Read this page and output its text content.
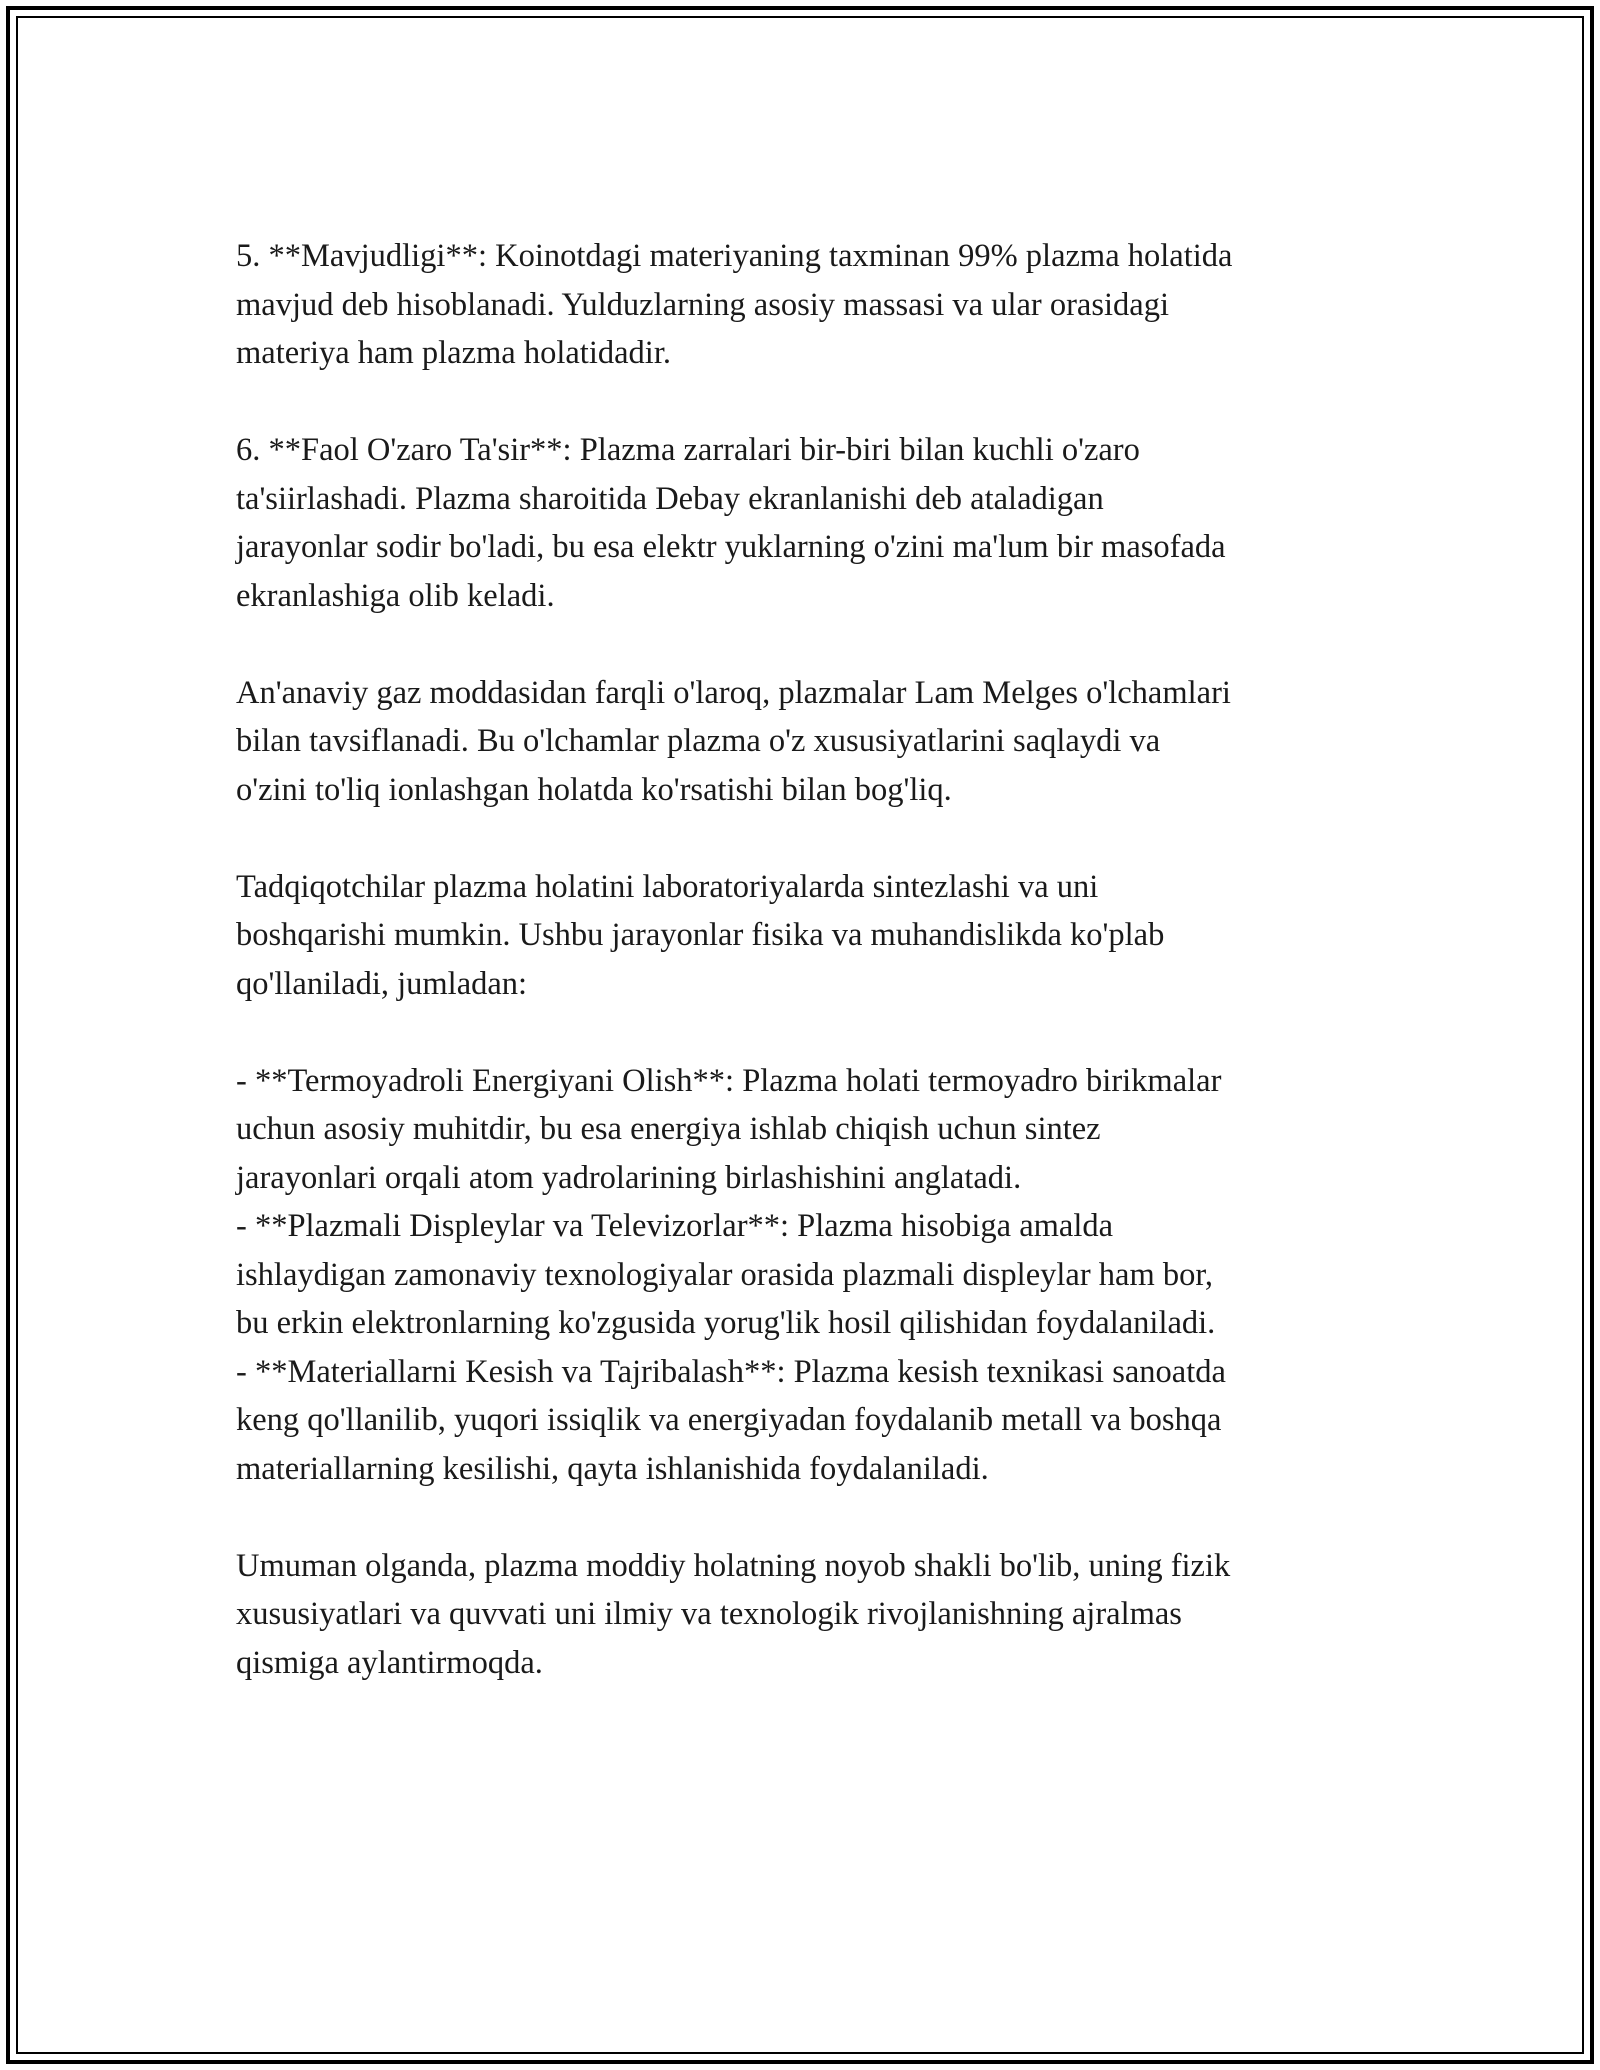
5. **Mavjudligi**: Koinotdagi materiyaning taxminan 99% plazma holatida
mavjud deb hisoblanadi. Yulduzlarning asosiy massasi va ular orasidagi
materiya ham plazma holatidadir.

6. **Faol O'zaro Ta'sir**: Plazma zarralari bir-biri bilan kuchli o'zaro
ta'siirlashadi. Plazma sharoitida Debay ekranlanishi deb ataladigan
jarayonlar sodir bo'ladi, bu esa elektr yuklarning o'zini ma'lum bir masofada
ekranlashiga olib keladi.

An'anaviy gaz moddasidan farqli o'laroq, plazmalar Lam Melges o'lchamlari
bilan tavsiflanadi. Bu o'lchamlar plazma o'z xususiyatlarini saqlaydi va
o'zini to'liq ionlashgan holatda ko'rsatishi bilan bog'liq.

Tadqiqotchilar plazma holatini laboratoriyalarda sintezlashi va uni
boshqarishi mumkin. Ushbu jarayonlar fisika va muhandislikda ko'plab
qo'llaniladi, jumladan:

- **Termoyadroli Energiyani Olish**: Plazma holati termoyadro birikmalar
uchun asosiy muhitdir, bu esa energiya ishlab chiqish uchun sintez
jarayonlari orqali atom yadrolarining birlashishini anglatadi.
- **Plazmali Displeylar va Televizorlar**: Plazma hisobiga amalda
ishlaydigan zamonaviy texnologiyalar orasida plazmali displeylar ham bor,
bu erkin elektronlarning ko'zgusida yorug'lik hosil qilishidan foydalaniladi.
- **Materiallarni Kesish va Tajribalash**: Plazma kesish texnikasi sanoatda
keng qo'llanilib, yuqori issiqlik va energiyadan foydalanib metall va boshqa
materiallarning kesilishi, qayta ishlanishida foydalaniladi.

Umuman olganda, plazma moddiy holatning noyob shakli bo'lib, uning fizik
xususiyatlari va quvvati uni ilmiy va texnologik rivojlanishning ajralmas
qismiga aylantirmoqda.
